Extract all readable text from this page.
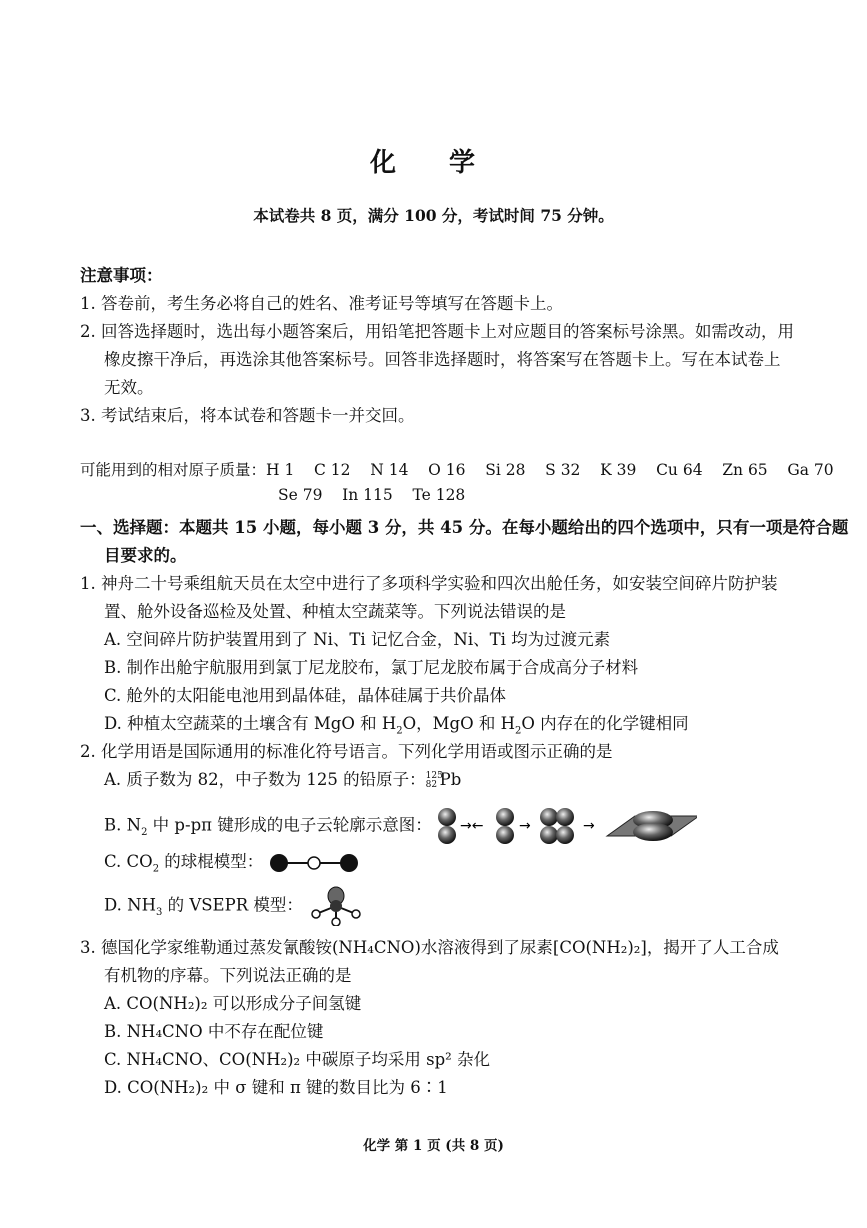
化 学
本试卷共 8 页，满分 100 分，考试时间 75 分钟。
注意事项：
1. 答卷前，考生务必将自己的姓名、准考证号等填写在答题卡上。
2. 回答选择题时，选出每小题答案后，用铅笔把答题卡上对应题目的答案标号涂黑。如需改动，用
橡皮擦干净后，再选涂其他答案标号。回答非选择题时，将答案写在答题卡上。写在本试卷上
无效。
3. 考试结束后，将本试卷和答题卡一并交回。
可能用到的相对原子质量：H 1    C 12    N 14    O 16    Si 28    S 32    K 39    Cu 64    Zn 65    Ga 70
Se 79    In 115    Te 128
一、选择题：本题共 15 小题，每小题 3 分，共 45 分。在每小题给出的四个选项中，只有一项是符合题
目要求的。
1. 神舟二十号乘组航天员在太空中进行了多项科学实验和四次出舱任务，如安装空间碎片防护装
置、舱外设备巡检及处置、种植太空蔬菜等。下列说法错误的是
A. 空间碎片防护装置用到了 Ni、Ti 记忆合金，Ni、Ti 均为过渡元素
B. 制作出舱宇航服用到氯丁尼龙胶布，氯丁尼龙胶布属于合成高分子材料
C. 舱外的太阳能电池用到晶体硅，晶体硅属于共价晶体
D. 种植太空蔬菜的土壤含有 MgO 和 $H_2O$，MgO 和 $H_2O$ 内存在的化学键相同
2. 化学用语是国际通用的标准化符号语言。下列化学用语或图示正确的是
A. 质子数为 82，中子数为 125 的铅原子： 125
82 Pb
B. $N_2$ 中 p-pπ 键形成的电子云轮廓示意图： →←	→	→
C. $CO_2$ 的球棍模型：
D. $NH_3$ 的 VSEPR 模型：
3. 德国化学家维勒通过蒸发氰酸铵(NH₄CNO)水溶液得到了尿素[CO(NH₂)₂]，揭开了人工合成
有机物的序幕。下列说法正确的是
A. CO(NH₂)₂ 可以形成分子间氢键
B. NH₄CNO 中不存在配位键
C. NH₄CNO、CO(NH₂)₂ 中碳原子均采用 sp² 杂化
D. CO(NH₂)₂ 中 σ 键和 π 键的数目比为 6∶1
化学 第 1 页 (共 8 页)
